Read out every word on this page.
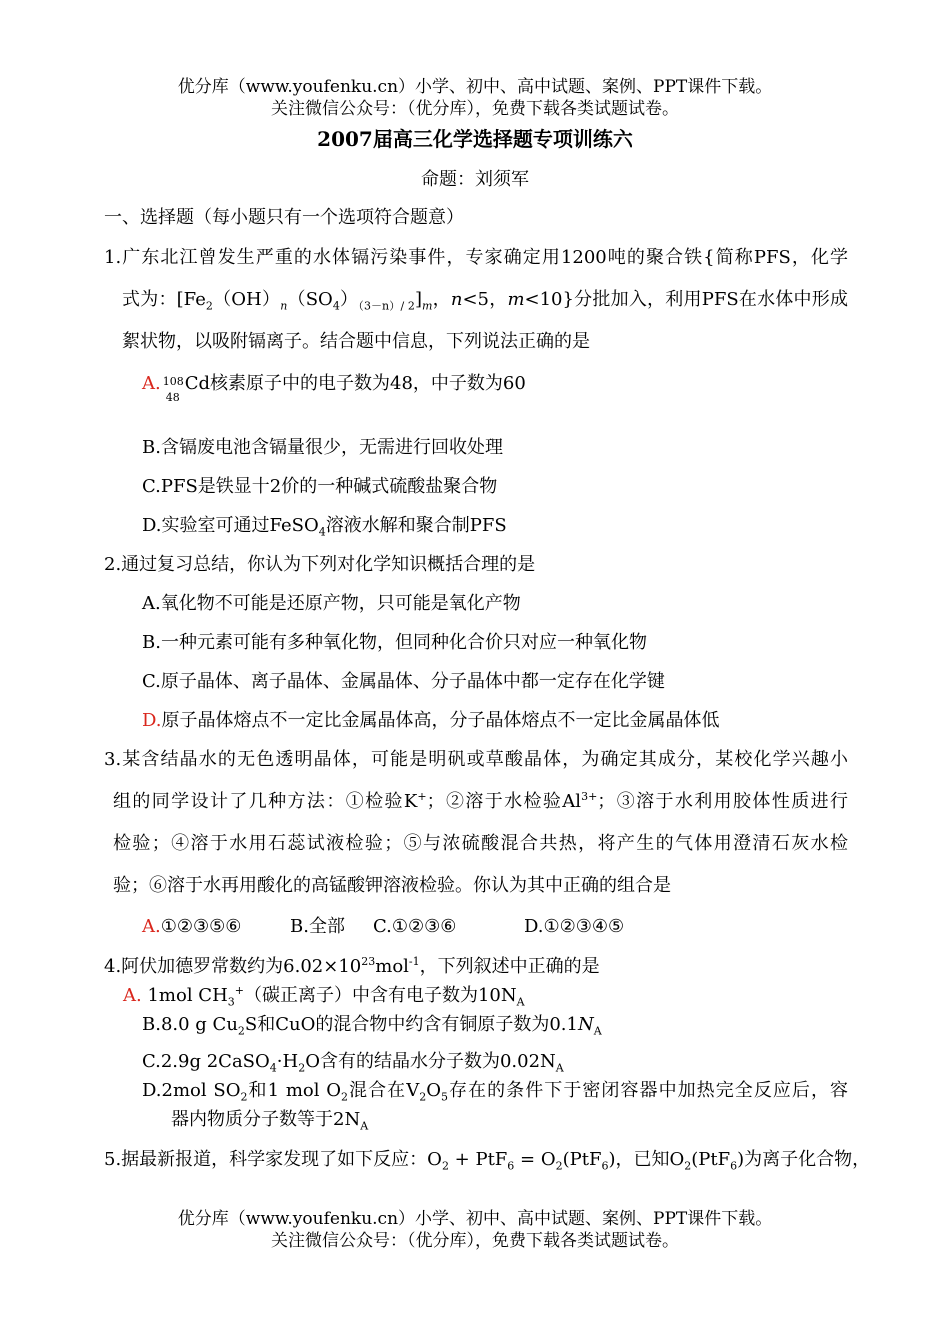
优分库（www.youfenku.cn）小学、初中、高中试题、案例、PPT课件下载。
关注微信公众号：（优分库），免费下载各类试题试卷。
2007届高三化学选择题专项训练六
命题：刘须军
一、选择题（每小题只有一个选项符合题意）
1.广东北江曾发生严重的水体镉污染事件，专家确定用1200吨的聚合铁{简称PFS，化学
式为：$[Fe_2(OH)_n(SO_4)_{(3-n)/ 2}]_m$，n<5，m<10}分批加入，利用PFS在水体中形成
絮状物，以吸附镉离子。结合题中信息，下列说法正确的是
A. 108
48
Cd核素原子中的电子数为48，中子数为60
B.含镉废电池含镉量很少，无需进行回收处理
C.PFS是铁显十2价的一种碱式硫酸盐聚合物
D.实验室可通过FeSO$_4$溶液水解和聚合制PFS
2.通过复习总结，你认为下列对化学知识概括合理的是
A.氧化物不可能是还原产物，只可能是氧化产物
B.一种元素可能有多种氧化物，但同种化合价只对应一种氧化物
C.原子晶体、离子晶体、金属晶体、分子晶体中都一定存在化学键
D.原子晶体熔点不一定比金属晶体高，分子晶体熔点不一定比金属晶体低
3.某含结晶水的无色透明晶体，可能是明矾或草酸晶体，为确定其成分，某校化学兴趣小
组的同学设计了几种方法：①检验K+；②溶于水检验$Al^{3+}$；③溶于水利用胶体性质进行
检验；④溶于水用石蕊试液检验；⑤与浓硫酸混合共热，将产生的气体用澄清石灰水检
验；⑥溶于水再用酸化的高锰酸钾溶液检验。你认为其中正确的组合是
A.①②③⑤⑥	B.全部 C.①②③⑥	D.①②③④⑤
4.阿伏加德罗常数约为$6.02\times 10^{23}mol^{-1}$，下列叙述中正确的是
A. 1mol $CH_3^+$（碳正离子）中含有电子数为$10N_A$
B.8.0 g $Cu_2S$和CuO的混合物中约含有铜原子数为$0.1N_A$
C.2.9g $2CaSO_4\cdot H_2O$含有的结晶水分子数为$0.02N_A$
D.2mol $SO_2$和1 mol $O_2$混合在$V_2O_5$存在的条件下于密闭容器中加热完全反应后，容
器内物质分子数等于$2N_A$
5.据最新报道，科学家发现了如下反应：$O_2 + PtF_6 = O_2(PtF_6)$，已知$O_2(PtF_6)$为离子化合物，
优分库（www.youfenku.cn）小学、初中、高中试题、案例、PPT课件下载。
关注微信公众号：（优分库），免费下载各类试题试卷。
